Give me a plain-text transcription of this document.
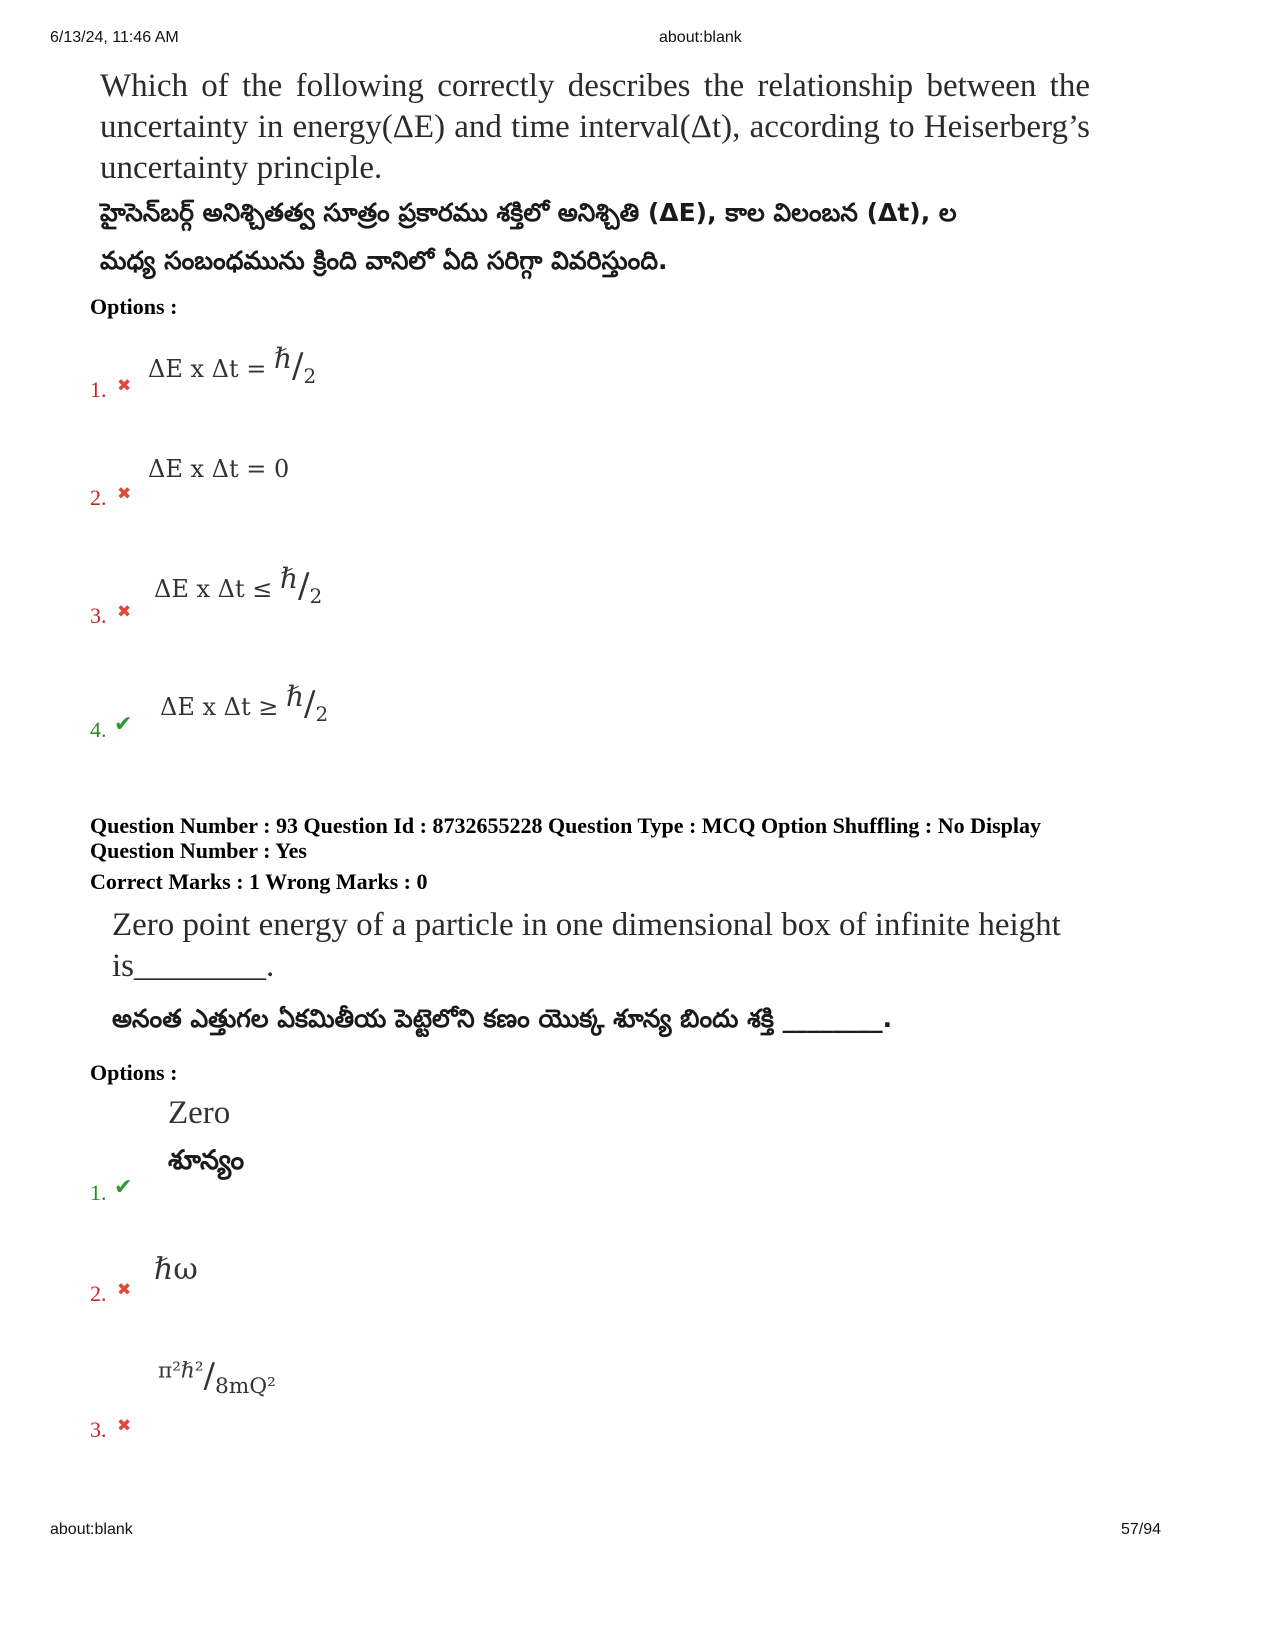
6/13/24, 11:46 AM	about:blank
Which of the following correctly describes the relationship between the uncertainty in energy(ΔE) and time interval(Δt), according to Heiserberg’s uncertainty principle.
హైసెన్‌బర్గ్ అనిశ్చితత్వ సూత్రం ప్రకారము శక్తిలో అనిశ్చితి (ΔE), కాల విలంబన (Δt), ల
మధ్య సంబంధమును క్రింది వానిలో ఏది సరిగ్గా వివరిస్తుంది.
Options :
ΔE x $\Delta t = ^\hbar/_2$
1. ✖
ΔE x Δt = 0
2. ✖
ΔE x $\Delta t \le ^\hbar/_2$
3. ✖
ΔE x $\Delta t \ge ^\hbar/_2$
4. ✔
Question Number : 93 Question Id : 8732655228 Question Type : MCQ Option Shuffling : No Display
Question Number : Yes
Correct Marks : 1 Wrong Marks : 0
Zero point energy of a particle in one dimensional box of infinite height
is________.
అనంత ఎత్తుగల ఏకమితీయ పెట్టెలోని కణం యొక్క శూన్య బిందు శక్తి ________.
Options :
Zero
శూన్యం
1. ✔
ℏω
2. ✖
$^{\pi^2\hbar^2}/_{8mQ^2}$
3. ✖
about:blank	57/94
